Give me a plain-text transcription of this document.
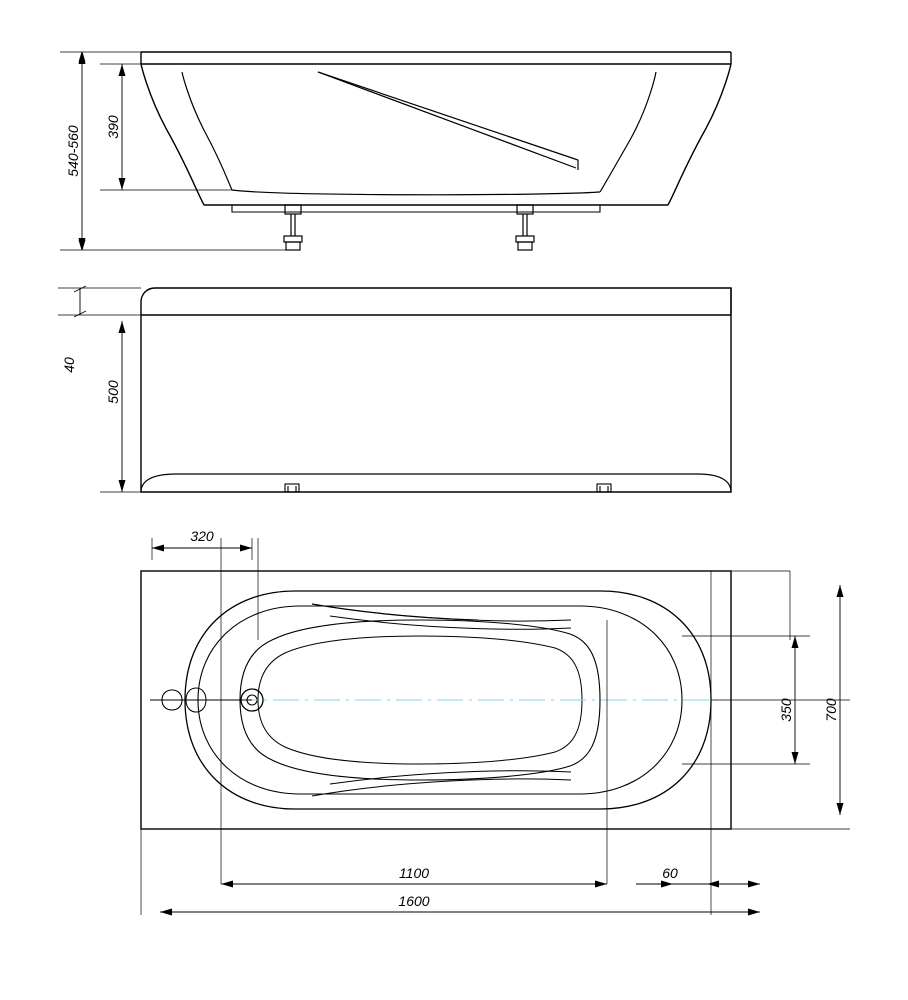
540-560 390
40
500
320
350 700
1100	60
1600
